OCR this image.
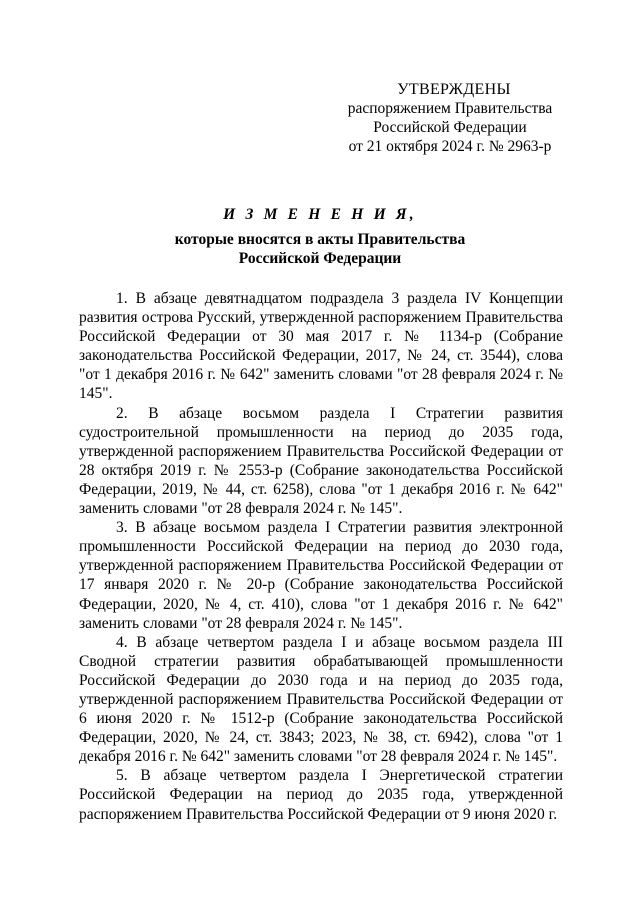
УТВЕРЖДЕНЫ
распоряжением Правительства
Российской Федерации
от 21 октября 2024 г. № 2963-р
И З М Е Н Е Н И Я,
которые вносятся в акты Правительства
Российской Федерации

1. В абзаце девятнадцатом подраздела 3 раздела IV Концепции развития острова Русский, утвержденной распоряжением Правительства Российской Федерации от 30 мая 2017 г. № 1134-р (Собрание законодательства Российской Федерации, 2017, № 24, ст. 3544), слова "от 1 декабря 2016 г. № 642" заменить словами "от 28 февраля 2024 г. № 145".

2. В абзаце восьмом раздела I Стратегии развития судостроительной промышленности на период до 2035 года, утвержденной распоряжением Правительства Российской Федерации от 28 октября 2019 г. № 2553-р (Собрание законодательства Российской Федерации, 2019, № 44, ст. 6258), слова "от 1 декабря 2016 г. № 642" заменить словами "от 28 февраля 2024 г. № 145".

3. В абзаце восьмом раздела I Стратегии развития электронной промышленности Российской Федерации на период до 2030 года, утвержденной распоряжением Правительства Российской Федерации от 17 января 2020 г. № 20-р (Собрание законодательства Российской Федерации, 2020, № 4, ст. 410), слова "от 1 декабря 2016 г. № 642" заменить словами "от 28 февраля 2024 г. № 145".

4. В абзаце четвертом раздела I и абзаце восьмом раздела III Сводной стратегии развития обрабатывающей промышленности Российской Федерации до 2030 года и на период до 2035 года, утвержденной распоряжением Правительства Российской Федерации от 6 июня 2020 г. № 1512-р (Собрание законодательства Российской Федерации, 2020, № 24, ст. 3843; 2023, № 38, ст. 6942), слова "от 1 декабря 2016 г. № 642" заменить словами "от 28 февраля 2024 г. № 145".

5. В абзаце четвертом раздела I Энергетической стратегии Российской Федерации на период до 2035 года, утвержденной распоряжением Правительства Российской Федерации от 9 июня 2020 г.
